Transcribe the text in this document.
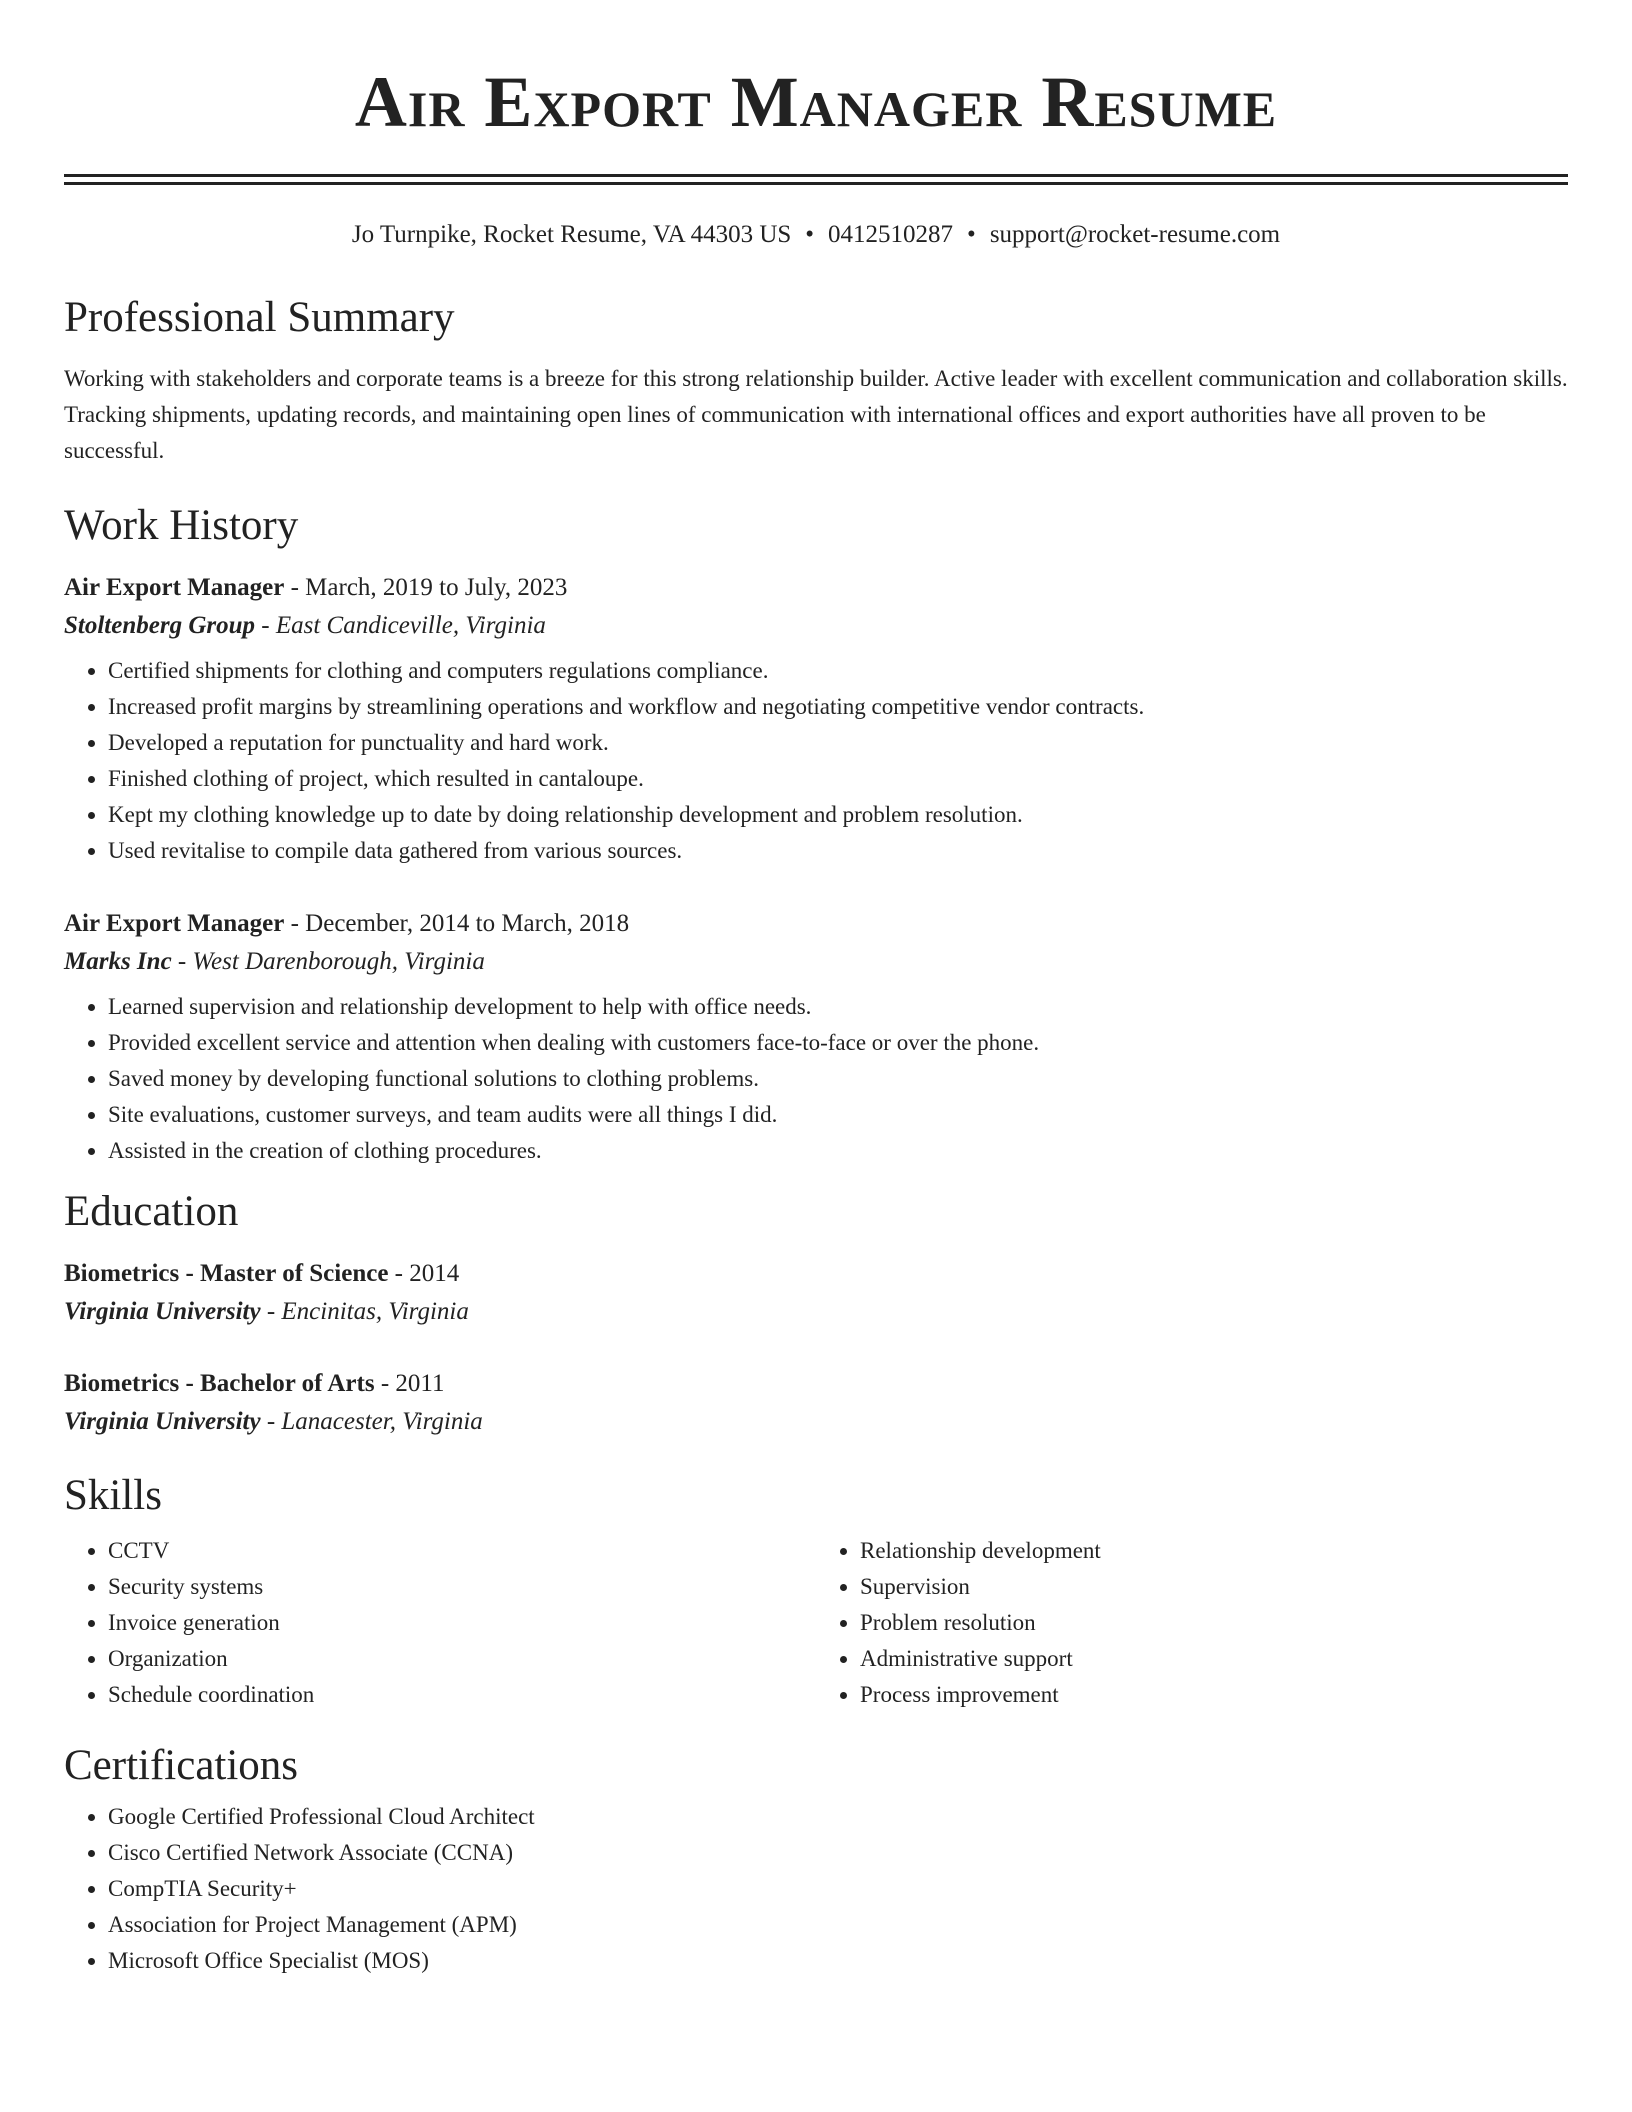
Air Export Manager Resume
Jo Turnpike, Rocket Resume, VA 44303 US • 0412510287 • support@rocket-resume.com
Professional Summary

Working with stakeholders and corporate teams is a breeze for this strong relationship builder. Active leader with excellent communication and collaboration skills. Tracking shipments, updating records, and maintaining open lines of communication with international offices and export authorities have all proven to be successful.

Work History
Air Export Manager - March, 2019 to July, 2023
Stoltenberg Group - East Candiceville, Virginia
• Certified shipments for clothing and computers regulations compliance.
• Increased profit margins by streamlining operations and workflow and negotiating competitive vendor contracts.
• Developed a reputation for punctuality and hard work.
• Finished clothing of project, which resulted in cantaloupe.
• Kept my clothing knowledge up to date by doing relationship development and problem resolution.
• Used revitalise to compile data gathered from various sources.
Air Export Manager - December, 2014 to March, 2018
Marks Inc - West Darenborough, Virginia
• Learned supervision and relationship development to help with office needs.
• Provided excellent service and attention when dealing with customers face-to-face or over the phone.
• Saved money by developing functional solutions to clothing problems.
• Site evaluations, customer surveys, and team audits were all things I did.
• Assisted in the creation of clothing procedures.
Education
Biometrics - Master of Science - 2014
Virginia University - Encinitas, Virginia
Biometrics - Bachelor of Arts - 2011
Virginia University - Lanacester, Virginia
Skills
• CCTV
• Security systems
• Invoice generation
• Organization
• Schedule coordination
• Relationship development
• Supervision
• Problem resolution
• Administrative support
• Process improvement
Certifications
• Google Certified Professional Cloud Architect
• Cisco Certified Network Associate (CCNA)
• CompTIA Security+
• Association for Project Management (APM)
• Microsoft Office Specialist (MOS)
